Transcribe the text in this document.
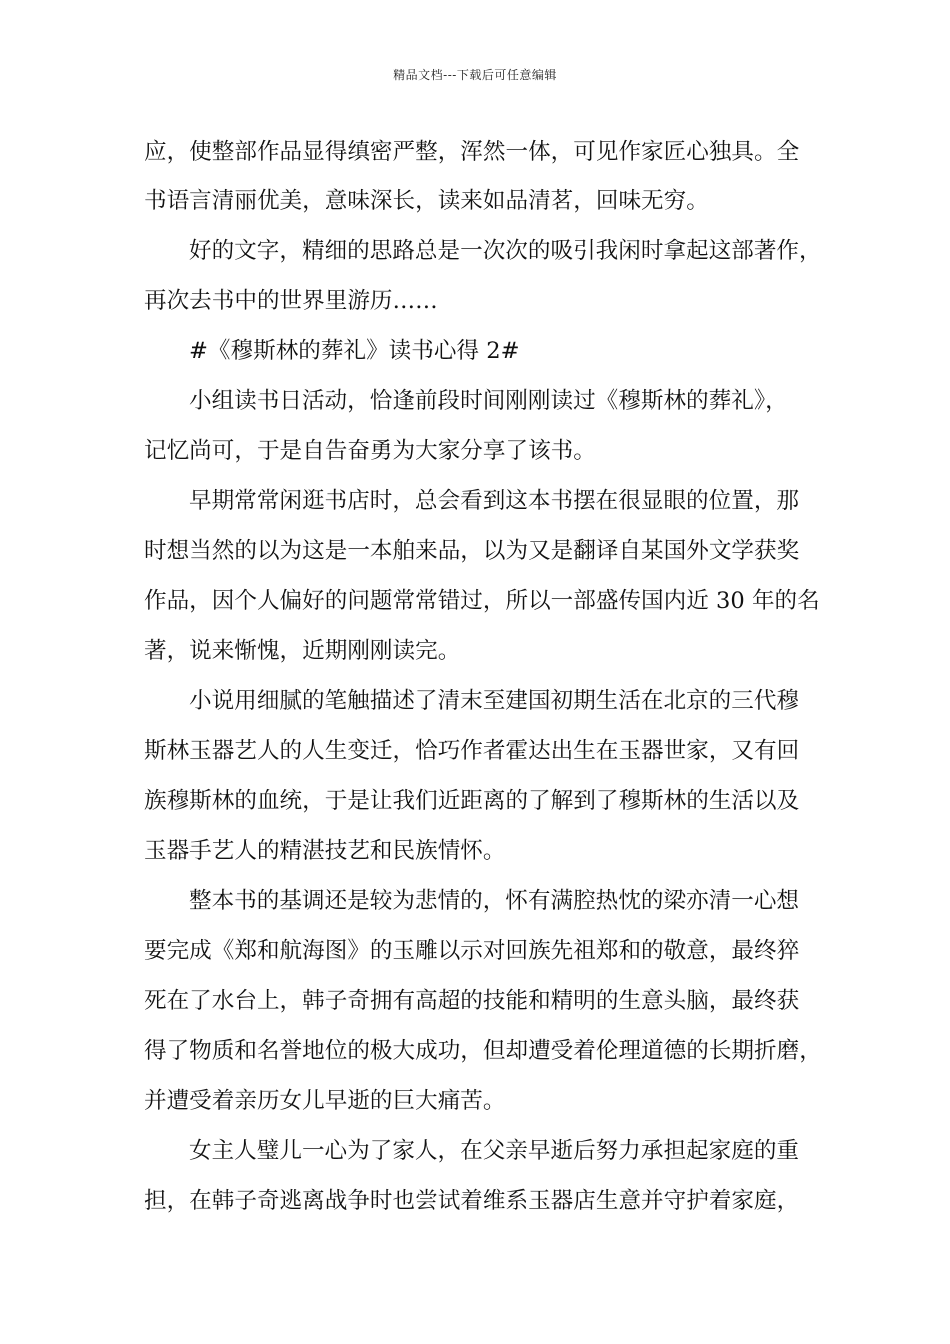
精品文档---下载后可任意编辑
应，使整部作品显得缜密严整，浑然一体，可见作家匠心独具。全
书语言清丽优美，意味深长，读来如品清茗，回味无穷。
好的文字，精细的思路总是一次次的吸引我闲时拿起这部著作，
再次去书中的世界里游历……
#《穆斯林的葬礼》读书心得 2#
小组读书日活动，恰逢前段时间刚刚读过《穆斯林的葬礼》，
记忆尚可，于是自告奋勇为大家分享了该书。
早期常常闲逛书店时，总会看到这本书摆在很显眼的位置，那
时想当然的以为这是一本舶来品，以为又是翻译自某国外文学获奖
作品，因个人偏好的问题常常错过，所以一部盛传国内近 30 年的名
著，说来惭愧，近期刚刚读完。
小说用细腻的笔触描述了清末至建国初期生活在北京的三代穆
斯林玉器艺人的人生变迁，恰巧作者霍达出生在玉器世家，又有回
族穆斯林的血统，于是让我们近距离的了解到了穆斯林的生活以及
玉器手艺人的精湛技艺和民族情怀。
整本书的基调还是较为悲情的，怀有满腔热忱的梁亦清一心想
要完成《郑和航海图》的玉雕以示对回族先祖郑和的敬意，最终猝
死在了水台上，韩子奇拥有高超的技能和精明的生意头脑，最终获
得了物质和名誉地位的极大成功，但却遭受着伦理道德的长期折磨，
并遭受着亲历女儿早逝的巨大痛苦。
女主人璧儿一心为了家人，在父亲早逝后努力承担起家庭的重
担，在韩子奇逃离战争时也尝试着维系玉器店生意并守护着家庭，
